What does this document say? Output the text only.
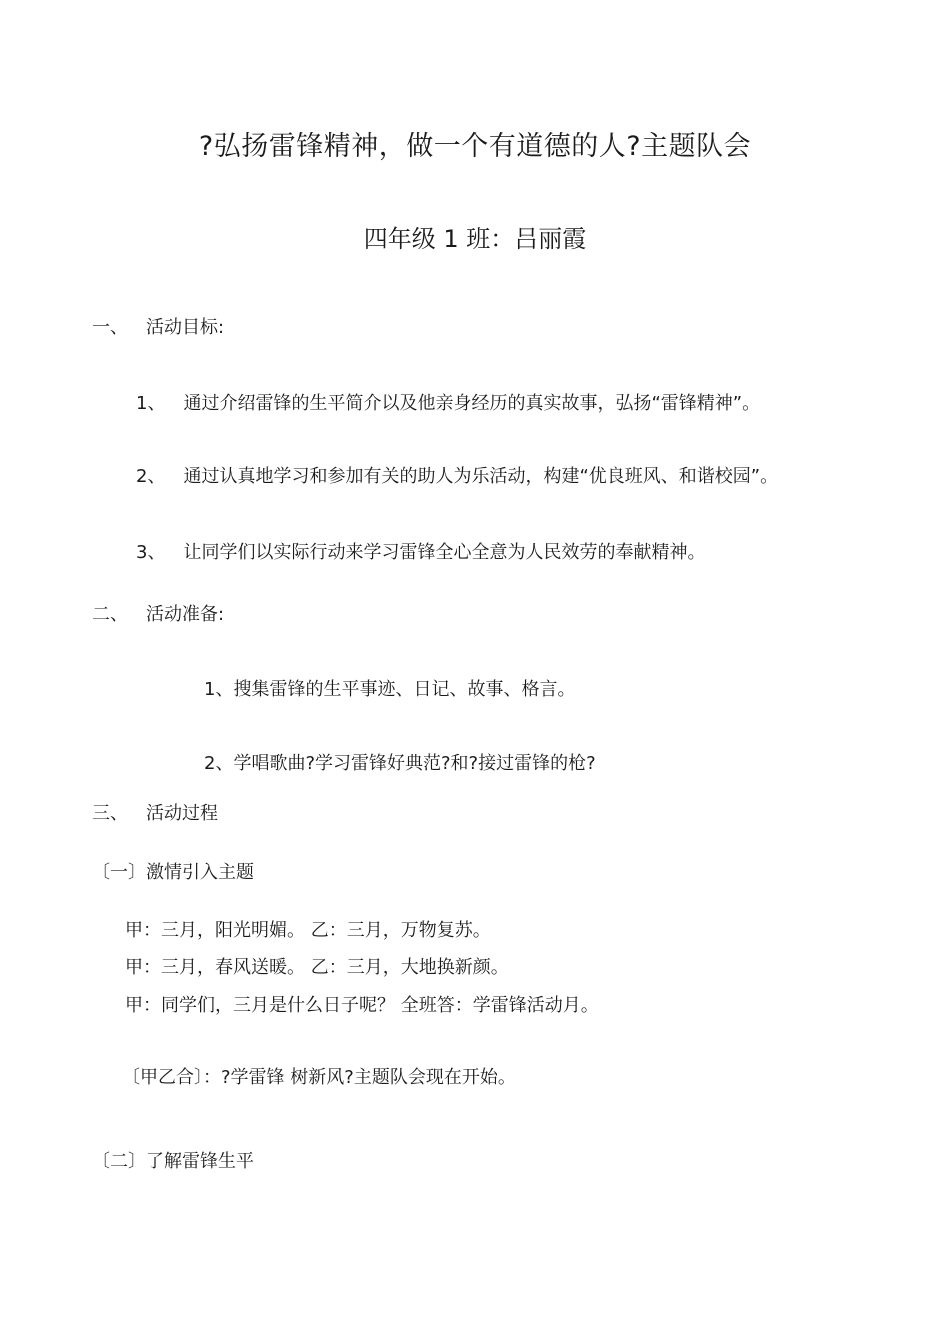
?弘扬雷锋精神，做一个有道德的人?主题队会
四年级 1 班：吕丽霞
一、 活动目标:
1、 通过介绍雷锋的生平简介以及他亲身经历的真实故事，弘扬“雷锋精神”。
2、 通过认真地学习和参加有关的助人为乐活动，构建“优良班风、和谐校园”。
3、 让同学们以实际行动来学习雷锋全心全意为人民效劳的奉献精神。
二、 活动准备:
1、搜集雷锋的生平事迹、日记、故事、格言。
2、学唱歌曲?学习雷锋好典范?和?接过雷锋的枪?
三、 活动过程
〔一〕激情引入主题
甲：三月，阳光明媚。 乙：三月，万物复苏。
甲：三月，春风送暖。 乙：三月，大地换新颜。
甲：同学们，三月是什么日子呢？ 全班答：学雷锋活动月。
〔甲乙合〕：?学雷锋 树新风?主题队会现在开始。
〔二〕了解雷锋生平
